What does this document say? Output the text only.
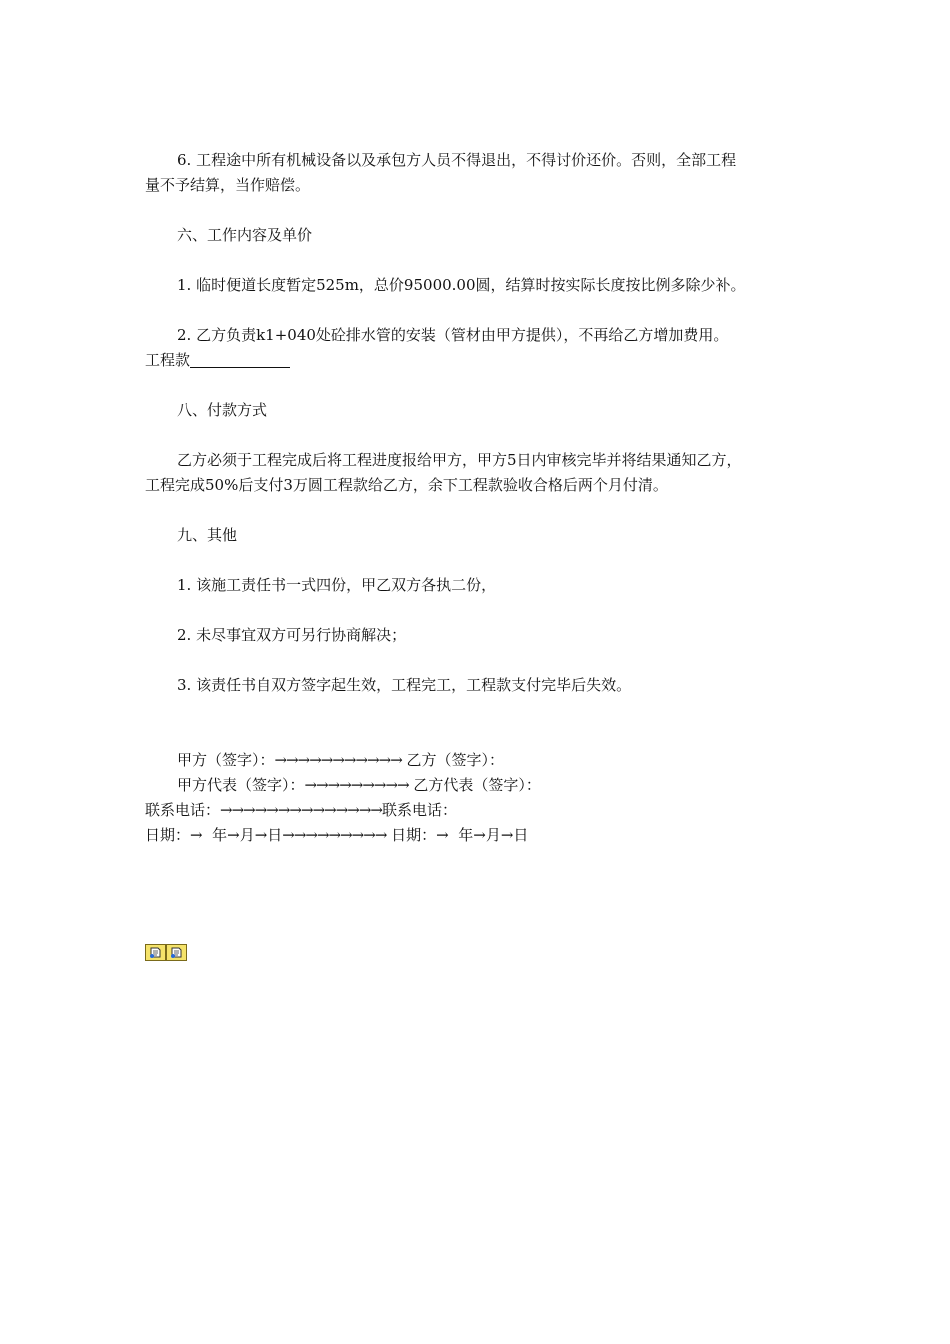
6. 工程途中所有机械设备以及承包方人员不得退出，不得讨价还价。否则，全部工程

量不予结算，当作赔偿。

六、工作内容及单价

1. 临时便道长度暂定525m，总价95000.00圆，结算时按实际长度按比例多除少补。

2. 乙方负责k1+040处砼排水管的安装（管材由甲方提供），不再给乙方增加费用。

工程款

八、付款方式

乙方必须于工程完成后将工程进度报给甲方，甲方5日内审核完毕并将结果通知乙方，

工程完成50%后支付3万圆工程款给乙方，余下工程款验收合格后两个月付清。

九、其他

1. 该施工责任书一式四份，甲乙双方各执二份，

2. 未尽事宜双方可另行协商解决；

3. 该责任书自双方签字起生效，工程完工，工程款支付完毕后失效。

甲方（签字）：→→→→→→→→→→→ 乙方（签字）：

甲方代表（签字）：→→→→→→→→→ 乙方代表（签字）：

联系电话：→→→→→→→→→→→→→→联系电话：

日期：→  年→月→日→→→→→→→→→ 日期：→  年→月→日
